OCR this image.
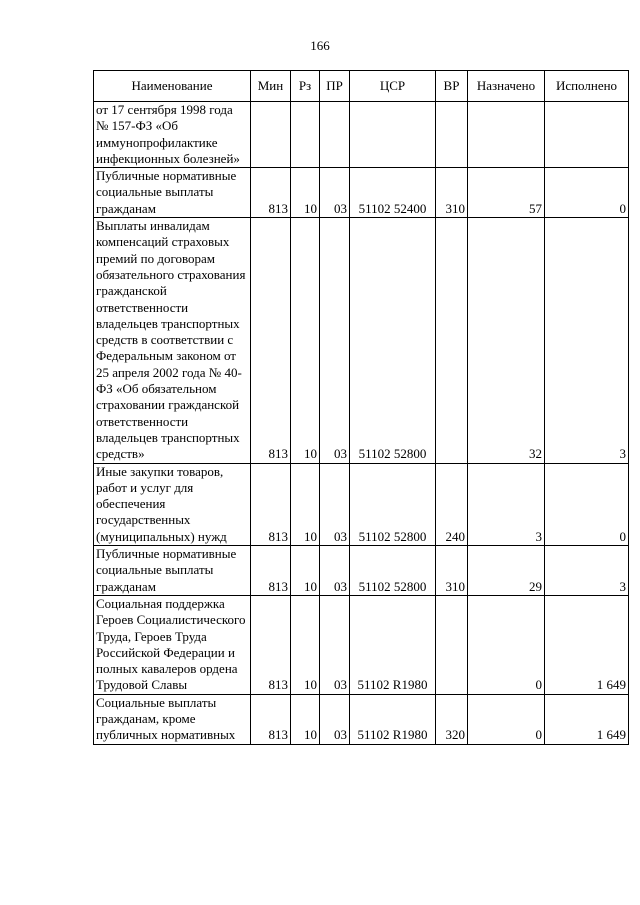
166
Наименование	Мин	Рз	ПР	ЦСР	ВР	Назначено	Исполнено
от 17 сентября 1998 года № 157-ФЗ «Об иммунопрофилактике инфекционных болезней»							
Публичные нормативные социальные выплаты гражданам	813	10	03	51102 52400	310	57	0
Выплаты инвалидам компенсаций страховых премий по договорам обязательного страхования гражданской ответственности владельцев транспортных средств в соответствии с Федеральным законом от 25 апреля 2002 года № 40-ФЗ «Об обязательном страховании гражданской ответственности владельцев транспортных средств»	813	10	03	51102 52800		32	3
Иные закупки товаров, работ и услуг для обеспечения государственных (муниципальных) нужд	813	10	03	51102 52800	240	3	0
Публичные нормативные социальные выплаты гражданам	813	10	03	51102 52800	310	29	3
Социальная поддержка Героев Социалистического Труда, Героев Труда Российской Федерации и полных кавалеров ордена Трудовой Славы	813	10	03	51102 R1980		0	1 649
Социальные выплаты гражданам, кроме публичных нормативных	813	10	03	51102 R1980	320	0	1 649
